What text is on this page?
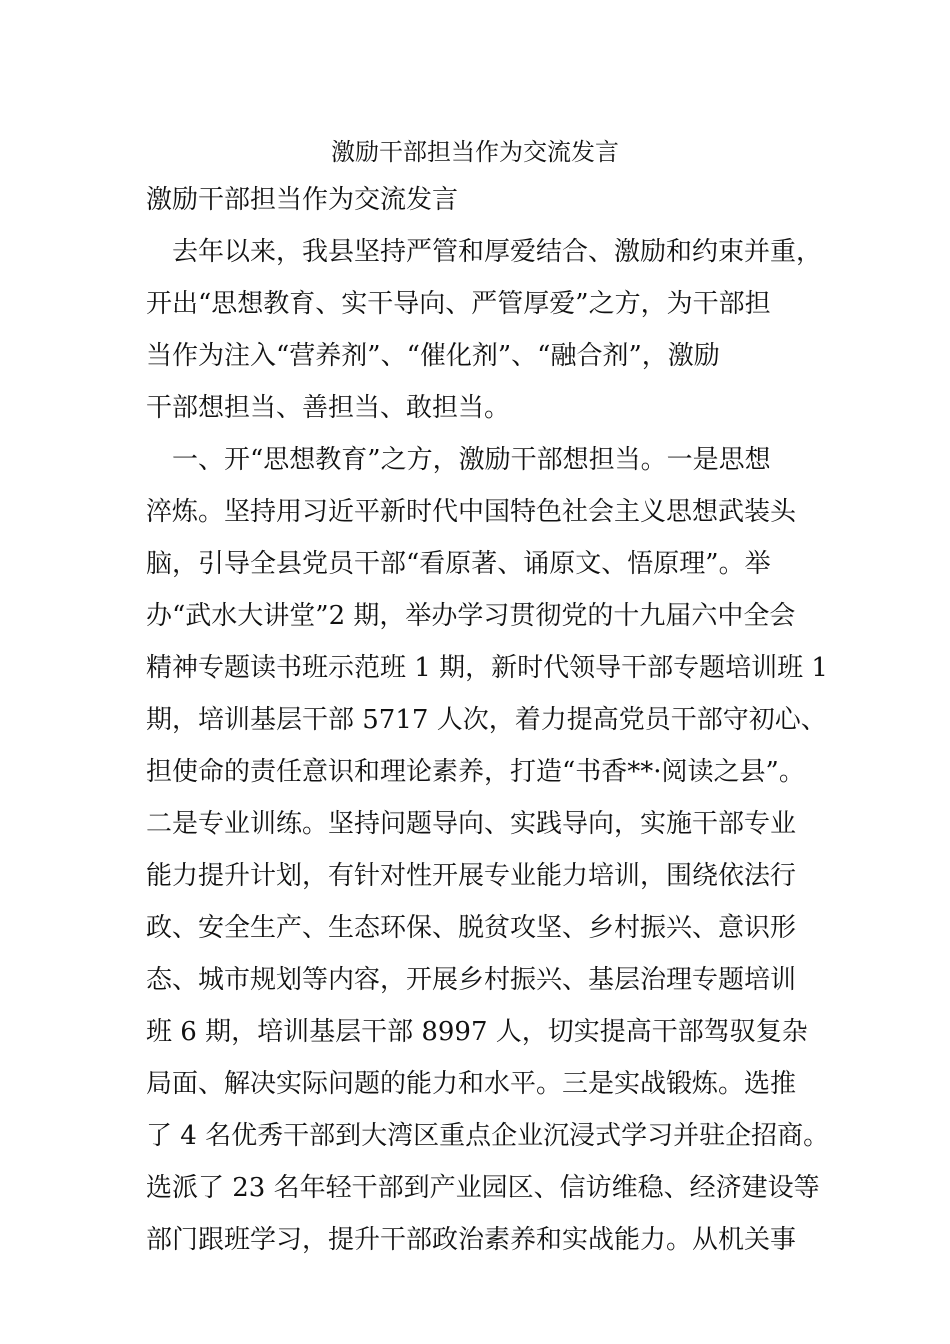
激励干部担当作为交流发言
激励干部担当作为交流发言
　去年以来，我县坚持严管和厚爱结合、激励和约束并重，
开出“思想教育、实干导向、严管厚爱”之方，为干部担
当作为注入“营养剂”、“催化剂”、“融合剂”，激励
干部想担当、善担当、敢担当。
　一、开“思想教育”之方，激励干部想担当。一是思想
淬炼。坚持用习近平新时代中国特色社会主义思想武装头
脑，引导全县党员干部“看原著、诵原文、悟原理”。举
办“武水大讲堂”2 期，举办学习贯彻党的十九届六中全会
精神专题读书班示范班 1 期，新时代领导干部专题培训班 1
期，培训基层干部 5717 人次，着力提高党员干部守初心、
担使命的责任意识和理论素养，打造“书香**·阅读之县”。
二是专业训练。坚持问题导向、实践导向，实施干部专业
能力提升计划，有针对性开展专业能力培训，围绕依法行
政、安全生产、生态环保、脱贫攻坚、乡村振兴、意识形
态、城市规划等内容，开展乡村振兴、基层治理专题培训
班 6 期，培训基层干部 8997 人，切实提高干部驾驭复杂
局面、解决实际问题的能力和水平。三是实战锻炼。选推
了 4 名优秀干部到大湾区重点企业沉浸式学习并驻企招商。
选派了 23 名年轻干部到产业园区、信访维稳、经济建设等
部门跟班学习，提升干部政治素养和实战能力。从机关事
